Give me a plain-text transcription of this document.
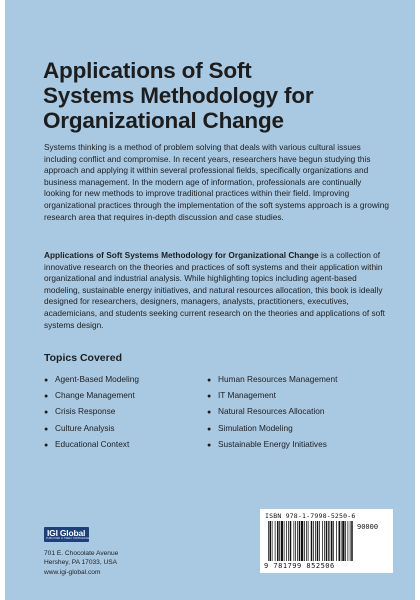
Applications of Soft
Systems Methodology for
Organizational Change
Systems thinking is a method of problem solving that deals with various cultural issues including conflict and compromise. In recent years, researchers have begun studying this approach and applying it within several professional fields, specifically organizations and business management. In the modern age of information, professionals are continually looking for new methods to improve traditional practices within their field. Improving organizational practices through the implementation of the soft systems approach is a growing research area that requires in-depth discussion and case studies.
Applications of Soft Systems Methodology for Organizational Change is a collection of innovative research on the theories and practices of soft systems and their application within organizational and industrial analysis. While highlighting topics including agent-based modeling, sustainable energy initiatives, and natural resources allocation, this book is ideally designed for researchers, designers, managers, analysts, practitioners, executives, academicians, and students seeking current research on the theories and applications of soft systems design.
Topics Covered
● Agent-Based Modeling
● Change Management
● Crisis Response
● Culture Analysis
● Educational Context
● Human Resources Management
● IT Management
● Natural Resources Allocation
● Simulation Modeling
● Sustainable Energy Initiatives
IGI Global
PUBLISHER of TIMELY KNOWLEDGE
701 E. Chocolate Avenue
Hershey, PA 17033, USA
www.igi-global.com
ISBN 978-1-7998-5250-6
90000
9 781799 852506
